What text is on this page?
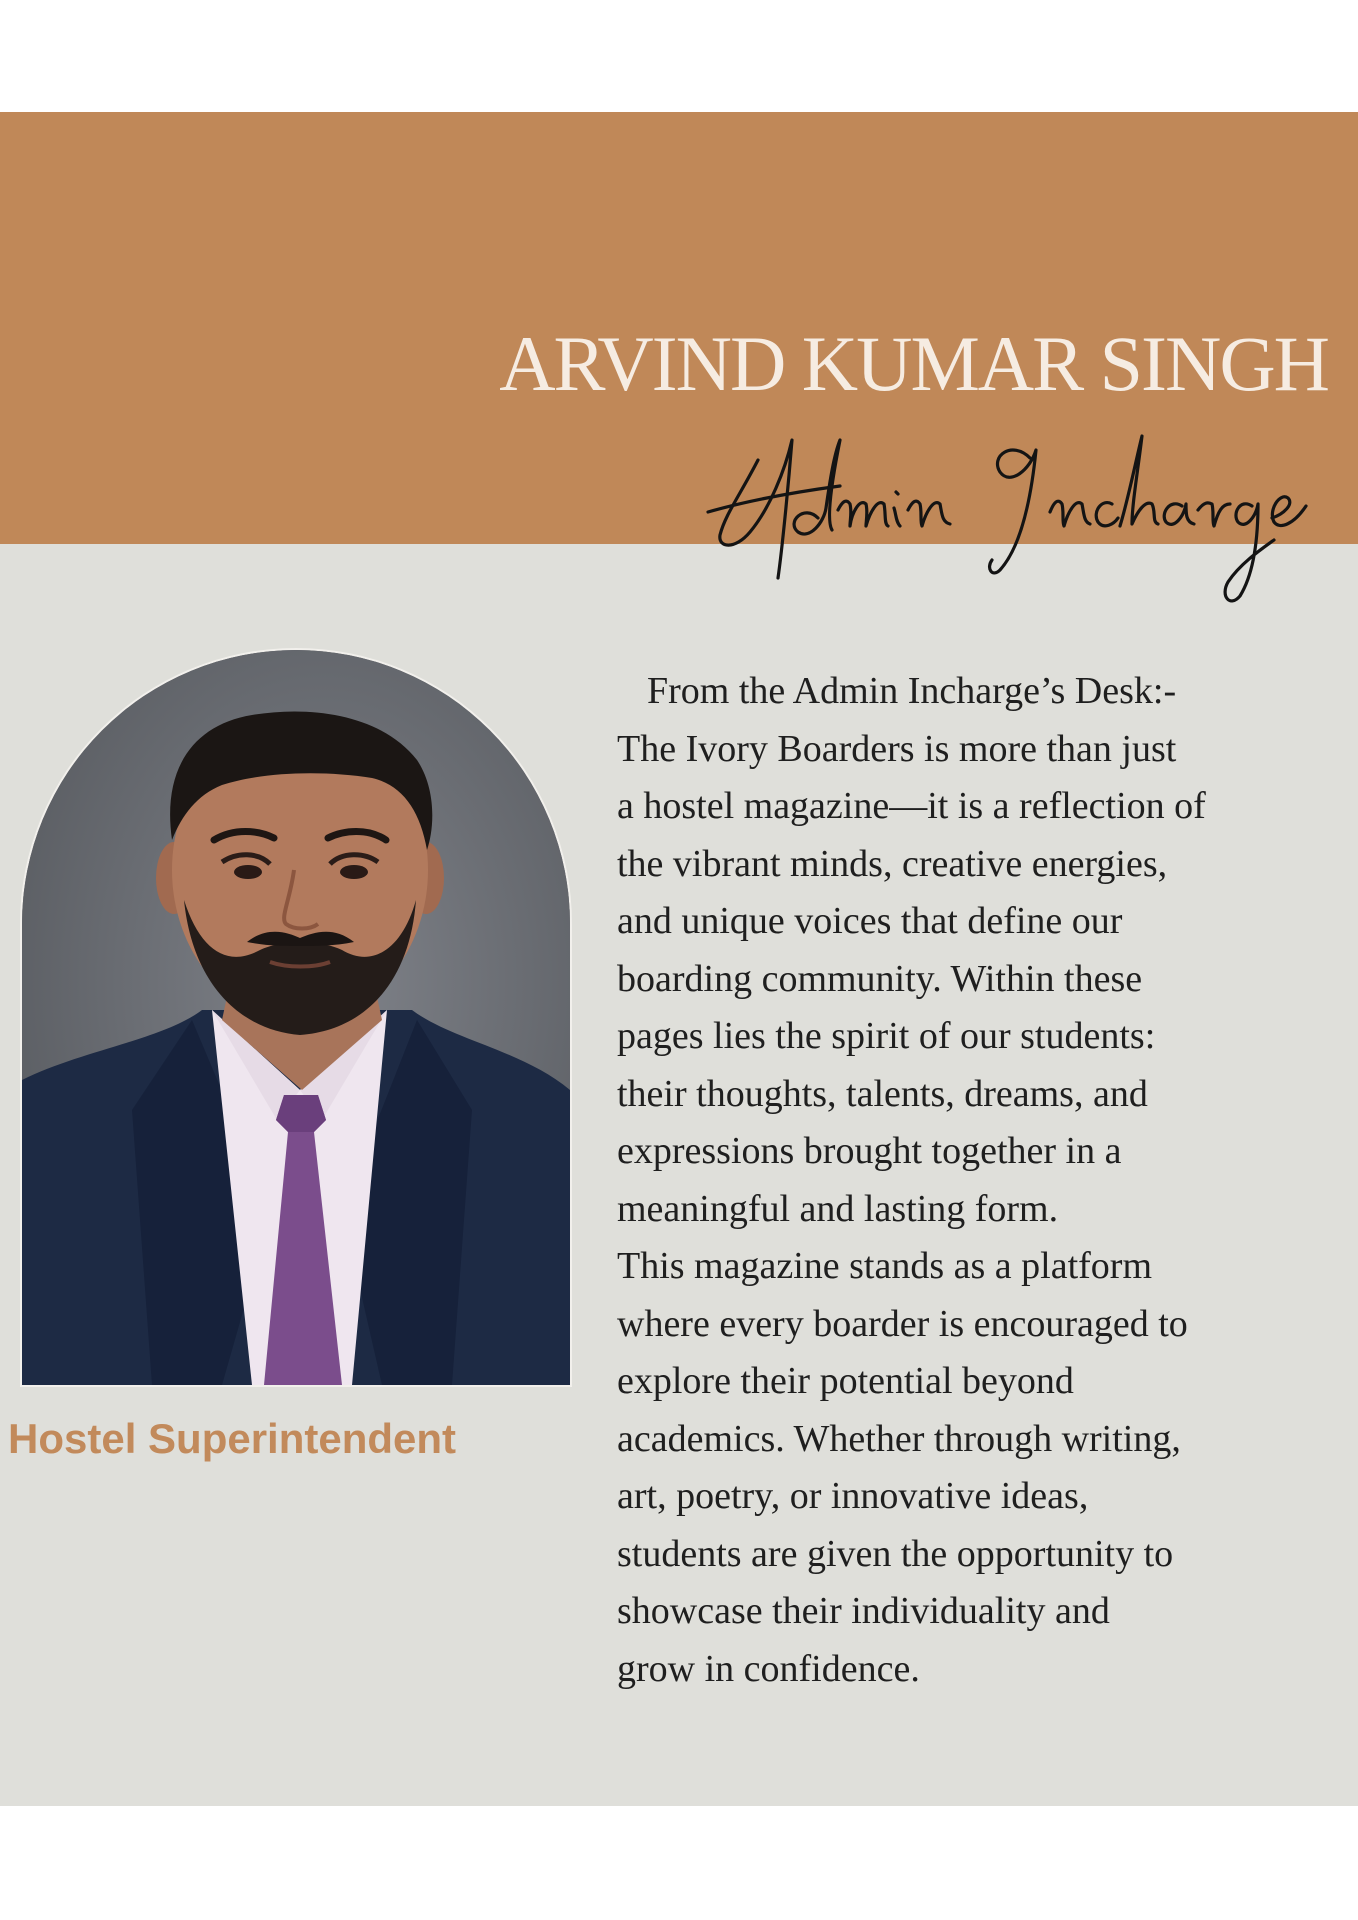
ARVIND KUMAR SINGH

Hostel Superintendent

From the Admin Incharge’s Desk:-
The Ivory Boarders is more than just
a hostel magazine—it is a reflection of
the vibrant minds, creative energies,
and unique voices that define our
boarding community. Within these
pages lies the spirit of our students:
their thoughts, talents, dreams, and
expressions brought together in a
meaningful and lasting form.
This magazine stands as a platform
where every boarder is encouraged to
explore their potential beyond
academics. Whether through writing,
art, poetry, or innovative ideas,
students are given the opportunity to
showcase their individuality and
grow in confidence.
